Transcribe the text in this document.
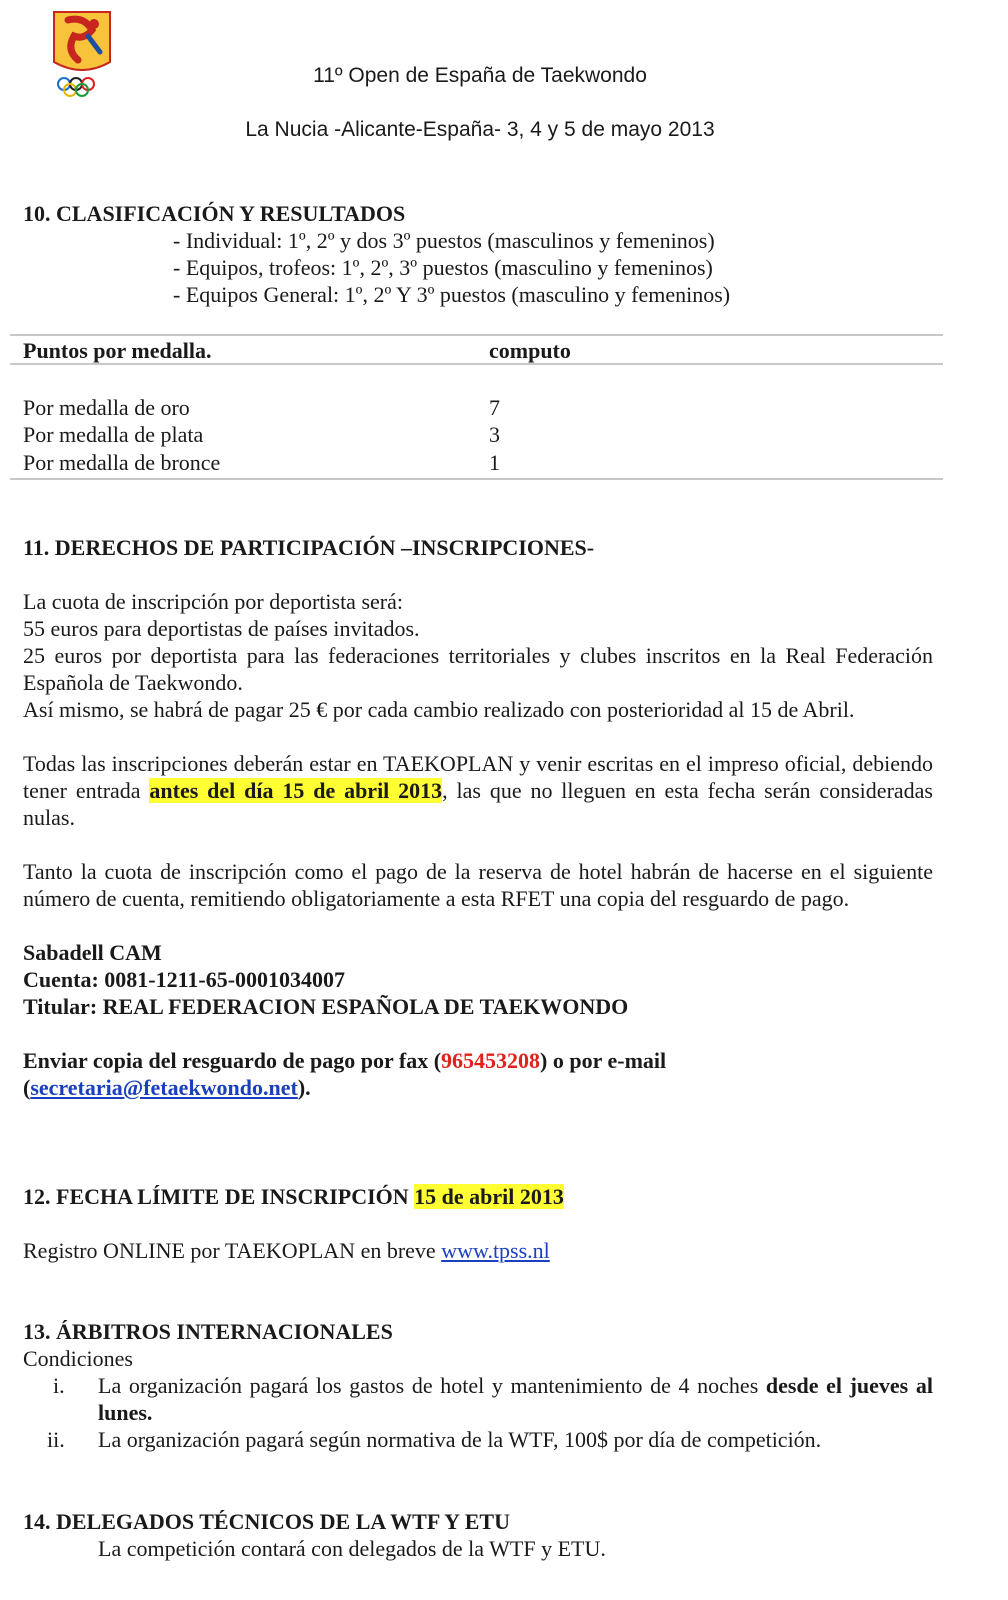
11º Open de España de Taekwondo
La Nucia -Alicante-España- 3, 4 y 5 de mayo 2013
10. CLASIFICACIÓN Y RESULTADOS
- Individual: 1º, 2º y dos 3º puestos (masculinos y femeninos)
- Equipos, trofeos: 1º, 2º, 3º puestos (masculino y femeninos)
- Equipos General: 1º, 2º Y 3º puestos (masculino y femeninos)
Puntos por medalla.	computo
Por medalla de oro	7
Por medalla de plata	3
Por medalla de bronce	1
11. DERECHOS DE PARTICIPACIÓN –INSCRIPCIONES-
La cuota de inscripción por deportista será:
55 euros para deportistas de países invitados.
25 euros por deportista para las federaciones territoriales y clubes inscritos en la Real Federación Española de Taekwondo.
Así mismo, se habrá de pagar 25 € por cada cambio realizado con posterioridad al 15 de Abril.
Todas las inscripciones deberán estar en TAEKOPLAN y venir escritas en el impreso oficial, debiendo tener entrada antes del día 15 de abril 2013, las que no lleguen en esta fecha serán consideradas nulas.
Tanto la cuota de inscripción como el pago de la reserva de hotel habrán de hacerse en el siguiente número de cuenta, remitiendo obligatoriamente a esta RFET una copia del resguardo de pago.
Sabadell CAM
Cuenta: 0081-1211-65-0001034007
Titular: REAL FEDERACION ESPAÑOLA DE TAEKWONDO
Enviar copia del resguardo de pago por fax (965453208) o por e-mail
(secretaria@fetaekwondo.net).
12. FECHA LÍMITE DE INSCRIPCIÓN 15 de abril 2013
Registro ONLINE por TAEKOPLAN en breve www.tpss.nl
13. ÁRBITROS INTERNACIONALES
Condiciones
i. La organización pagará los gastos de hotel y mantenimiento de 4 noches desde el jueves al lunes.
ii. La organización pagará según normativa de la WTF, 100$ por día de competición.
14. DELEGADOS TÉCNICOS DE LA WTF Y ETU
La competición contará con delegados de la WTF y ETU.
